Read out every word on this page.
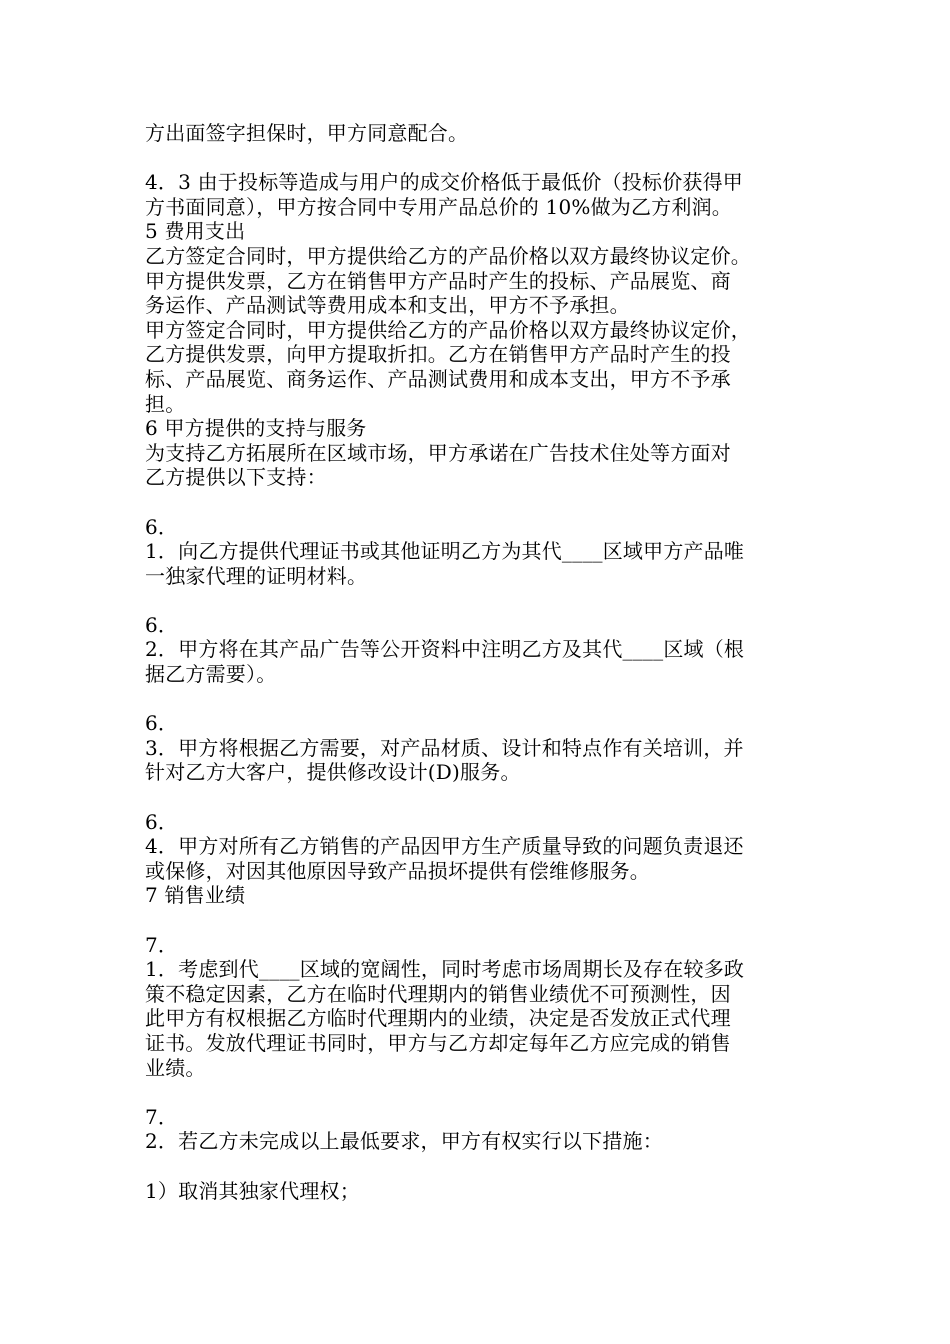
方出面签字担保时，甲方同意配合。
4．3 由于投标等造成与用户的成交价格低于最低价（投标价获得甲
方书面同意），甲方按合同中专用产品总价的 10%做为乙方利润。
5 费用支出
乙方签定合同时，甲方提供给乙方的产品价格以双方最终协议定价。
甲方提供发票，乙方在销售甲方产品时产生的投标、产品展览、商
务运作、产品测试等费用成本和支出，甲方不予承担。
甲方签定合同时，甲方提供给乙方的产品价格以双方最终协议定价，
乙方提供发票，向甲方提取折扣。乙方在销售甲方产品时产生的投
标、产品展览、商务运作、产品测试费用和成本支出，甲方不予承
担。
6 甲方提供的支持与服务
为支持乙方拓展所在区域市场，甲方承诺在广告技术住处等方面对
乙方提供以下支持：
6．
1．向乙方提供代理证书或其他证明乙方为其代____区域甲方产品唯
一独家代理的证明材料。
6．
2．甲方将在其产品广告等公开资料中注明乙方及其代____区域（根
据乙方需要）。
6．
3．甲方将根据乙方需要，对产品材质、设计和特点作有关培训，并
针对乙方大客户，提供修改设计(D)服务。
6．
4．甲方对所有乙方销售的产品因甲方生产质量导致的问题负责退还
或保修，对因其他原因导致产品损坏提供有偿维修服务。
7 销售业绩
7．
1．考虑到代____区域的宽阔性，同时考虑市场周期长及存在较多政
策不稳定因素，乙方在临时代理期内的销售业绩优不可预测性，因
此甲方有权根据乙方临时代理期内的业绩，决定是否发放正式代理
证书。发放代理证书同时，甲方与乙方却定每年乙方应完成的销售
业绩。
7．
2．若乙方未完成以上最低要求，甲方有权实行以下措施：
1）取消其独家代理权；
